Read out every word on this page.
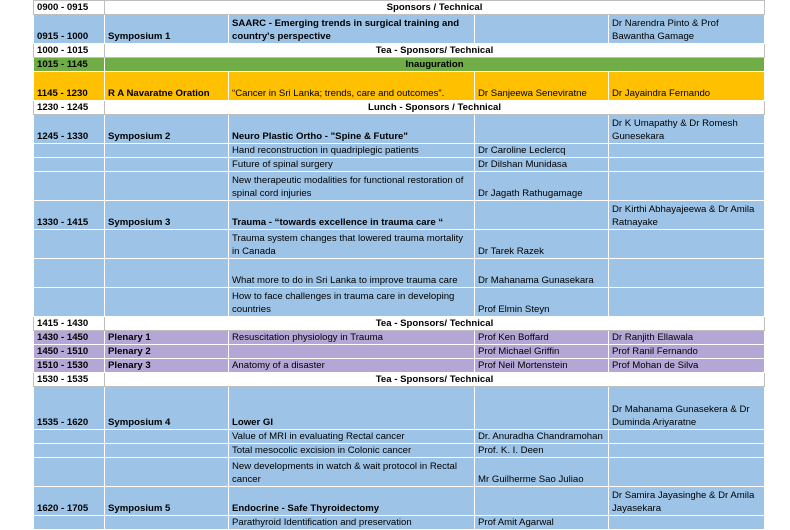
0900 - 0915	Sponsors / Technical			
0915 - 1000	Symposium 1	SAARC - Emerging trends in surgical training and country's perspective		Dr Narendra Pinto & Prof Bawantha Gamage
1000 - 1015	Tea - Sponsors/ Technical			
1015 - 1145	Inauguration			
1145 - 1230	R A Navaratne Oration	“Cancer in Sri Lanka; trends, care and outcomes”.	Dr Sanjeewa Seneviratne	Dr Jayaindra Fernando
1230 - 1245	Lunch - Sponsors / Technical			
1245 - 1330	Symposium 2	Neuro Plastic Ortho - "Spine & Future"		Dr K Umapathy & Dr Romesh Gunesekara
		Hand reconstruction in quadriplegic patients	Dr Caroline Leclercq	
		Future of spinal surgery	Dr Dilshan Munidasa	
		New therapeutic modalities for functional restoration of spinal cord injuries	Dr Jagath Rathugamage	
1330 - 1415	Symposium 3	Trauma - “towards excellence in trauma care “		Dr Kirthi Abhayajeewa & Dr Amila Ratnayake
		Trauma system changes that lowered trauma mortality in Canada	Dr Tarek Razek	
		What more to do in Sri Lanka to improve trauma care	Dr Mahanama Gunasekara	
		How to face challenges in trauma care in developing countries	Prof Elmin Steyn	
1415 - 1430	Tea - Sponsors/ Technical			
1430 - 1450	Plenary 1	Resuscitation physiology in Trauma	Prof Ken Boffard	Dr Ranjith Ellawala
1450 - 1510	Plenary 2		Prof Michael Griffin	Prof Ranil Fernando
1510 - 1530	Plenary 3	Anatomy of a disaster	Prof Neil Mortenstein	Prof Mohan de Silva
1530 - 1535	Tea - Sponsors/ Technical			
1535 - 1620	Symposium 4	Lower GI		Dr Mahanama Gunasekera & Dr Duminda Ariyaratne
		Value of MRI in evaluating Rectal cancer	Dr. Anuradha Chandramohan	
		Total mesocolic excision in Colonic cancer	Prof. K. I. Deen	
		New developments in watch & wait protocol in Rectal cancer	Mr Guilherme Sao Juliao	
1620 - 1705	Symposium 5	Endocrine - Safe Thyroidectomy		Dr Samira Jayasinghe & Dr Amila Jayasekara
		Parathyroid Identification and preservation	Prof Amit Agarwal	
